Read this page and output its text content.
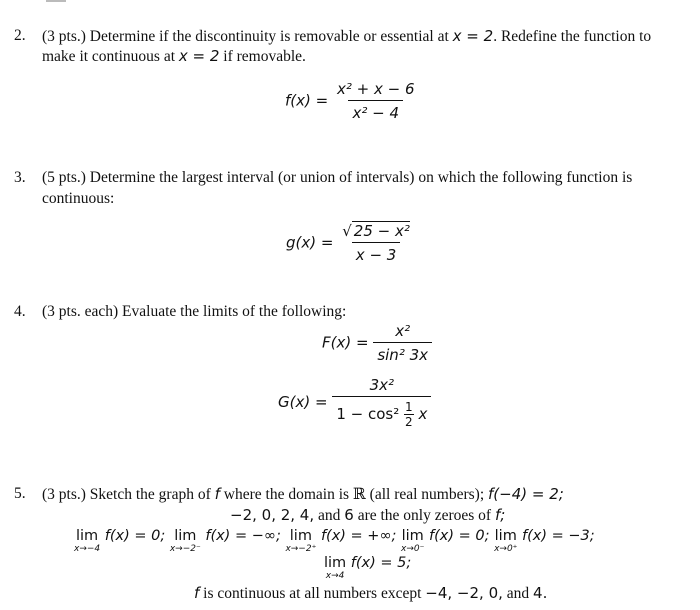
2. (3 pts.) Determine if the discontinuity is removable or essential at x = 2. Redefine the function to
make it continuous at x = 2 if removable.
$f(x) = \frac{\text{x² + x − 6}}{\text{x² − 4}}$
3. (5 pts.) Determine the largest interval (or union of intervals) on which the following function is
continuous:
$g(x) = \frac{\text{√ 25 − x²}}{x - 3}$
4. (3 pts. each) Evaluate the limits of the following:
$F(x) = \frac{\text{x²}}{\text{sin² 3x}}$
$G(x) = \frac{\text{3x²}}{1 - \cos^2 \frac{1}{2} x}$
5. (3 pts.) Sketch the graph of f where the domain is ℝ (all real numbers); f(−4) = 2;
−2, 0, 2, 4, and 6 are the only zeroes of f;
lim
x→−4
f(x) = 0; lim
x→−2⁻
f(x) = −∞; lim
x→−2⁺
f(x) = +∞; lim
x→0⁻
f(x) = 0; lim
x→0⁺
f(x) = −3;
lim
x→4
f(x) = 5;
f is continuous at all numbers except −4, −2, 0, and 4.
